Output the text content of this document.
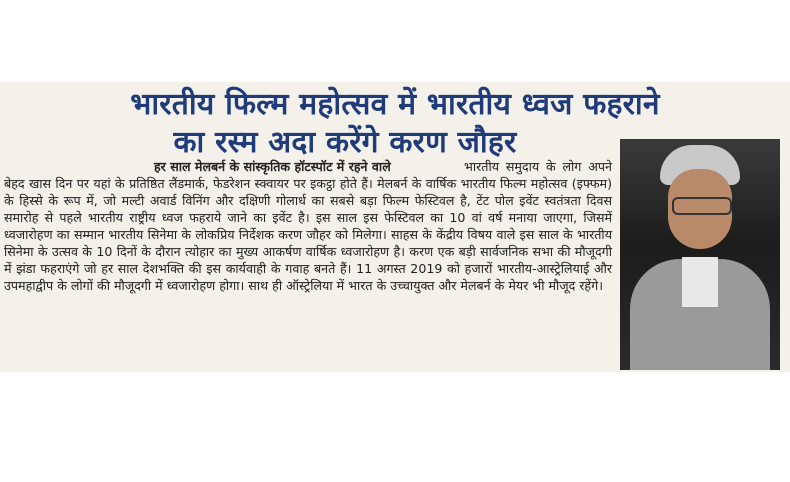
भारतीय फिल्म महोत्सव में भारतीय ध्वज फहराने
का रस्म अदा करेंगे करण जौहर
हर साल मेलबर्न के सांस्कृतिक हॉटस्पॉट में रहने वाले	भारतीय समुदाय के लोग अपने बेहद खास दिन पर यहां के प्रतिष्ठित लैंडमार्क, फेडरेशन स्क्वायर पर इकट्ठा होते हैं। मेलबर्न के वार्षिक भारतीय फिल्म महोत्सव (इफ्फम) के हिस्से के रूप में, जो मल्टी अवार्ड विनिंग और दक्षिणी गोलार्ध का सबसे बड़ा फिल्म फेस्टिवल है, टेंट पोल इवेंट स्वतंत्रता दिवस समारोह से पहले भारतीय राष्ट्रीय ध्वज फहराये जाने का इवेंट है। इस साल इस फेस्टिवल का 10 वां वर्ष मनाया जाएगा, जिसमें ध्वजारोहण का सम्मान भारतीय सिनेमा के लोकप्रिय निर्देशक करण जौहर को मिलेगा। साहस के केंद्रीय विषय वाले इस साल के भारतीय सिनेमा के उत्सव के 10 दिनों के दौरान त्योहार का मुख्य आकर्षण वार्षिक ध्वजारोहण है। करण एक बड़ी सार्वजनिक सभा की मौजूदगी में झंडा फहराएंगे जो हर साल देशभक्ति की इस कार्यवाही के गवाह बनते हैं। 11 अगस्त 2019 को हजारों भारतीय-आस्ट्रेलियाई और उपमहाद्वीप के लोगों की मौजूदगी में ध्वजारोहण होगा। साथ ही ऑस्ट्रेलिया में भारत के उच्चायुक्त और मेलबर्न के मेयर भी मौजूद रहेंगे।
